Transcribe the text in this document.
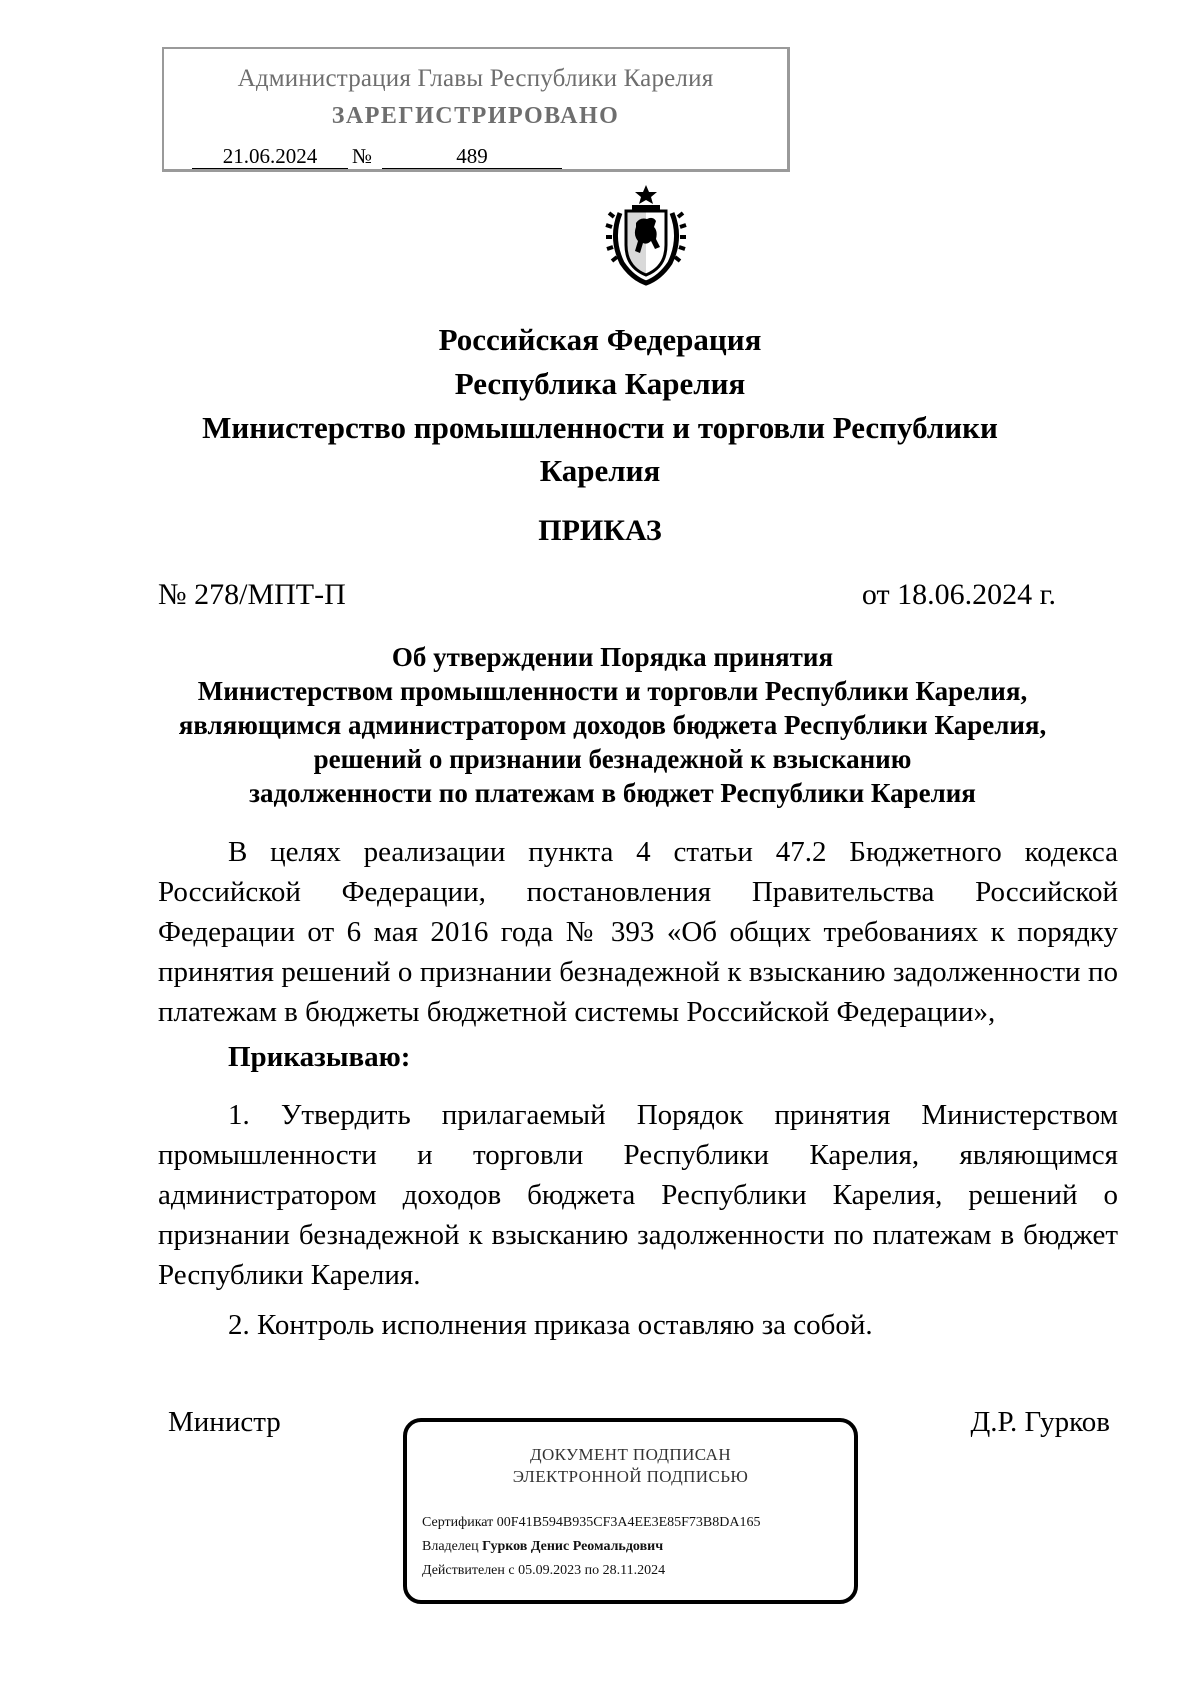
Администрация Главы Республики Карелия
ЗАРЕГИСТРИРОВАНО
21.06.2024	№	489
Российская Федерация
Республика Карелия
Министерство промышленности и торговли Республики
Карелия
ПРИКАЗ
№ 278/МПТ-П	от 18.06.2024 г.
Об утверждении Порядка принятия
Министерством промышленности и торговли Республики Карелия,
являющимся администратором доходов бюджета Республики Карелия,
решений о признании безнадежной к взысканию
задолженности по платежам в бюджет Республики Карелия
В целях реализации пункта 4 статьи 47.2 Бюджетного кодекса Российской Федерации, постановления Правительства Российской Федерации от 6 мая 2016 года № 393 «Об общих требованиях к порядку принятия решений о признании безнадежной к взысканию задолженности по платежам в бюджеты бюджетной системы Российской Федерации»,
Приказываю:
1. Утвердить прилагаемый Порядок принятия Министерством промышленности и торговли Республики Карелия, являющимся администратором доходов бюджета Республики Карелия, решений о признании безнадежной к взысканию задолженности по платежам в бюджет Республики Карелия.
2. Контроль исполнения приказа оставляю за собой.
Министр	Д.Р. Гурков
ДОКУМЕНТ ПОДПИСАН
ЭЛЕКТРОННОЙ ПОДПИСЬЮ
Сертификат 00F41B594B935CF3A4EE3E85F73B8DA165
Владелец Гурков Денис Реомальдович
Действителен с 05.09.2023 по 28.11.2024
